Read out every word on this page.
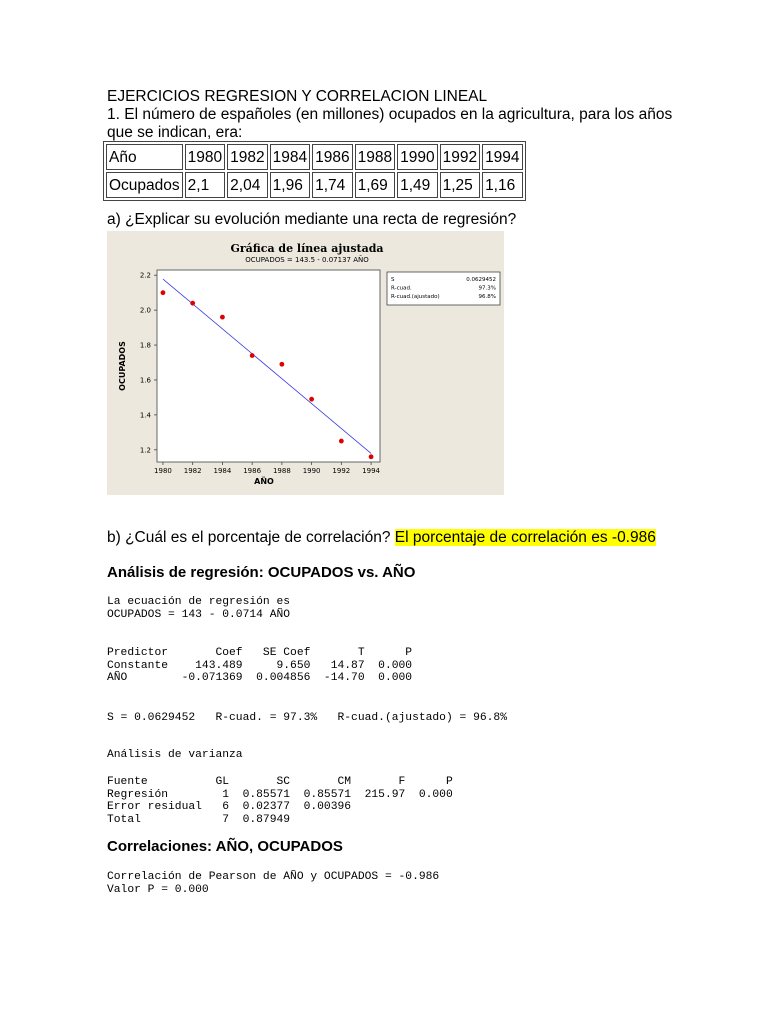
EJERCICIOS REGRESION Y CORRELACION LINEAL
1. El número de españoles (en millones) ocupados en la agricultura, para los años
que se indican, era:
Año	1980	1982	1984	1986	1988	1990	1992	1994
Ocupados	2,1	2,04	1,96	1,74	1,69	1,49	1,25	1,16
a) ¿Explicar su evolución mediante una recta de regresión?
Gráfica de línea ajustada
OCUPADOS = 143.5 - 0.07137 AÑO
1980 1982 1984 1986 1988 1990 1992 1994
1.2
1.4
1.6
1.8
2.0
2.2
AÑO
OCUPADOS
S	0.0629452
R-cuad.	97.3%
R-cuad.(ajustado)	96.8%
b) ¿Cuál es el porcentaje de correlación? El porcentaje de correlación es -0.986
Análisis de regresión: OCUPADOS vs. AÑO
La ecuación de regresión es
OCUPADOS = 143 - 0.0714 AÑO
Predictor       Coef   SE Coef       T      P
Constante    143.489     9.650   14.87  0.000
AÑO        -0.071369  0.004856  -14.70  0.000
S = 0.0629452   R-cuad. = 97.3%   R-cuad.(ajustado) = 96.8%
Análisis de varianza
Fuente          GL       SC       CM       F      P
Regresión        1  0.85571  0.85571  215.97  0.000
Error residual   6  0.02377  0.00396
Total            7  0.87949
Correlaciones: AÑO, OCUPADOS
Correlación de Pearson de AÑO y OCUPADOS = -0.986
Valor P = 0.000
